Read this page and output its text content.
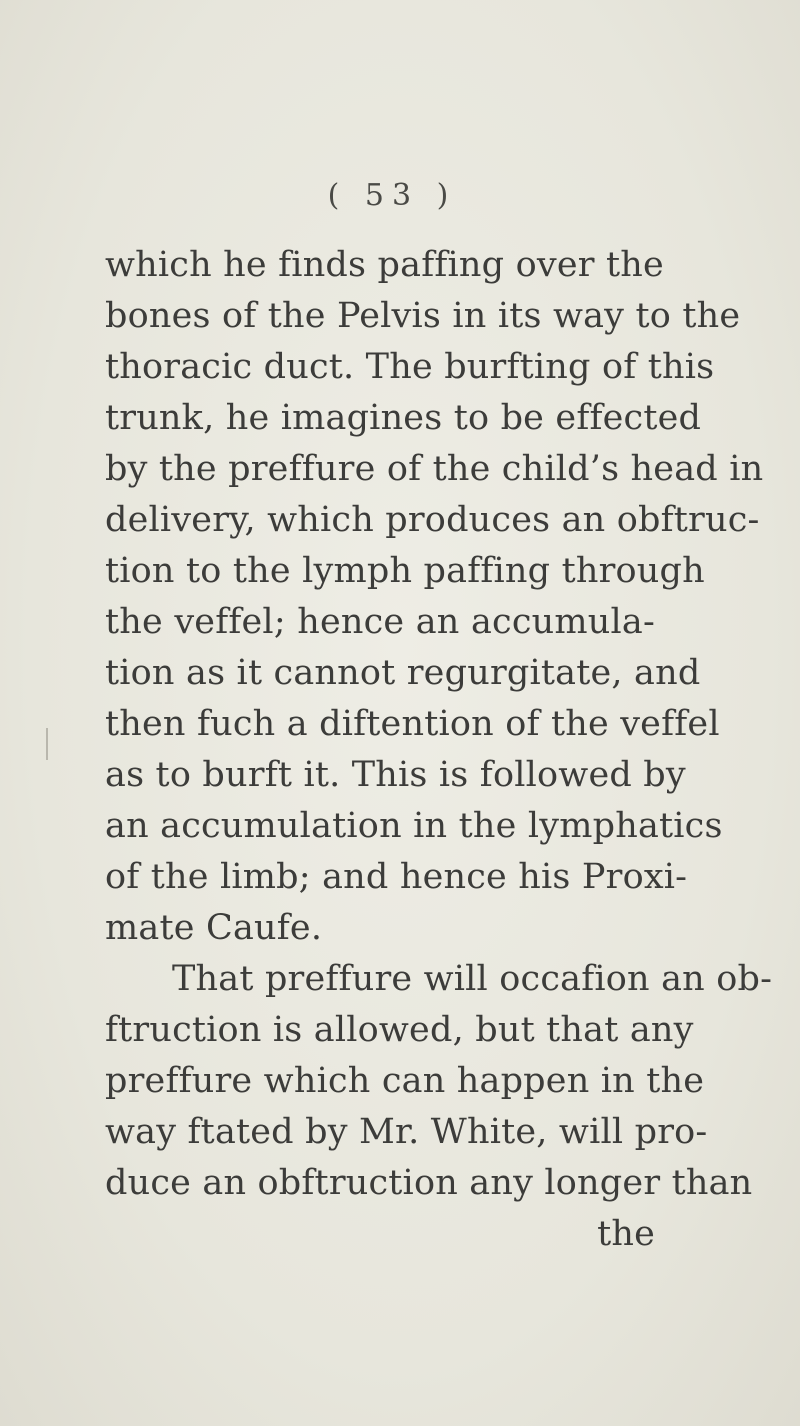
( 53 )
which he finds paffing over the
bones of the Pelvis in its way to the
thoracic duct. The burfting of this
trunk, he imagines to be effected
by the preffure of the child’s head in
delivery, which produces an obftruc-
tion to the lymph paffing through
the veffel; hence an accumula-
tion as it cannot regurgitate, and
then fuch a diftention of the veffel
as to burft it. This is followed by
an accumulation in the lymphatics
of the limb; and hence his Proxi-
mate Caufe.
That preffure will occafion an ob-
ftruction is allowed, but that any
preffure which can happen in the
way ftated by Mr. White, will pro-
duce an obftruction any longer than
the
